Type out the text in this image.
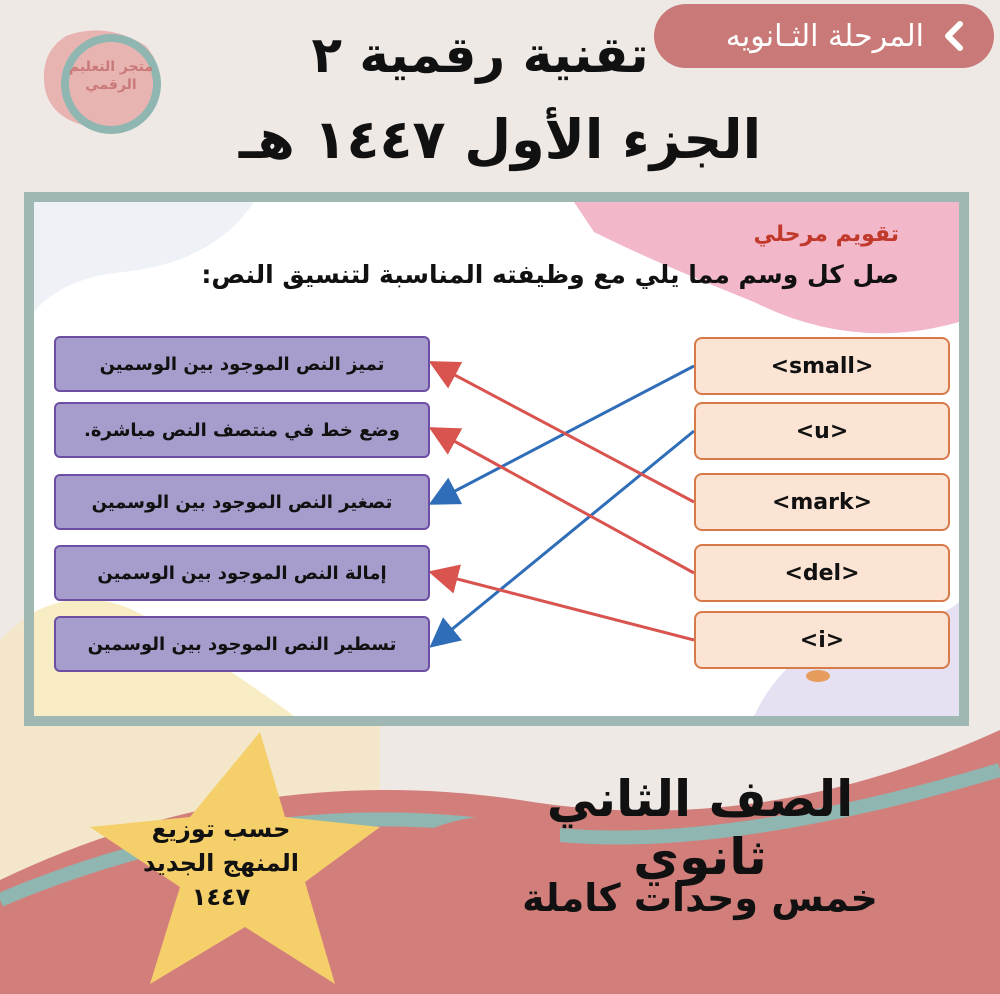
المرحلة الثـانويه
متجر التعليم
الرقمي
تقنية رقمية ٢
الجزء الأول ١٤٤٧ هـ
تقويم مرحلي
صل كل وسم مما يلي مع وظيفته المناسبة لتنسيق النص:
تميز النص الموجود بين الوسمين
وضع خط في منتصف النص مباشرة.
تصغير النص الموجود بين الوسمين
إمالة النص الموجود بين الوسمين
تسطير النص الموجود بين الوسمين
<small>
<u>
<mark>
<del>
<i>
الصف الثاني ثانوي
خمس وحدات كاملة
حسب توزيع
المنهج الجديد
١٤٤٧
